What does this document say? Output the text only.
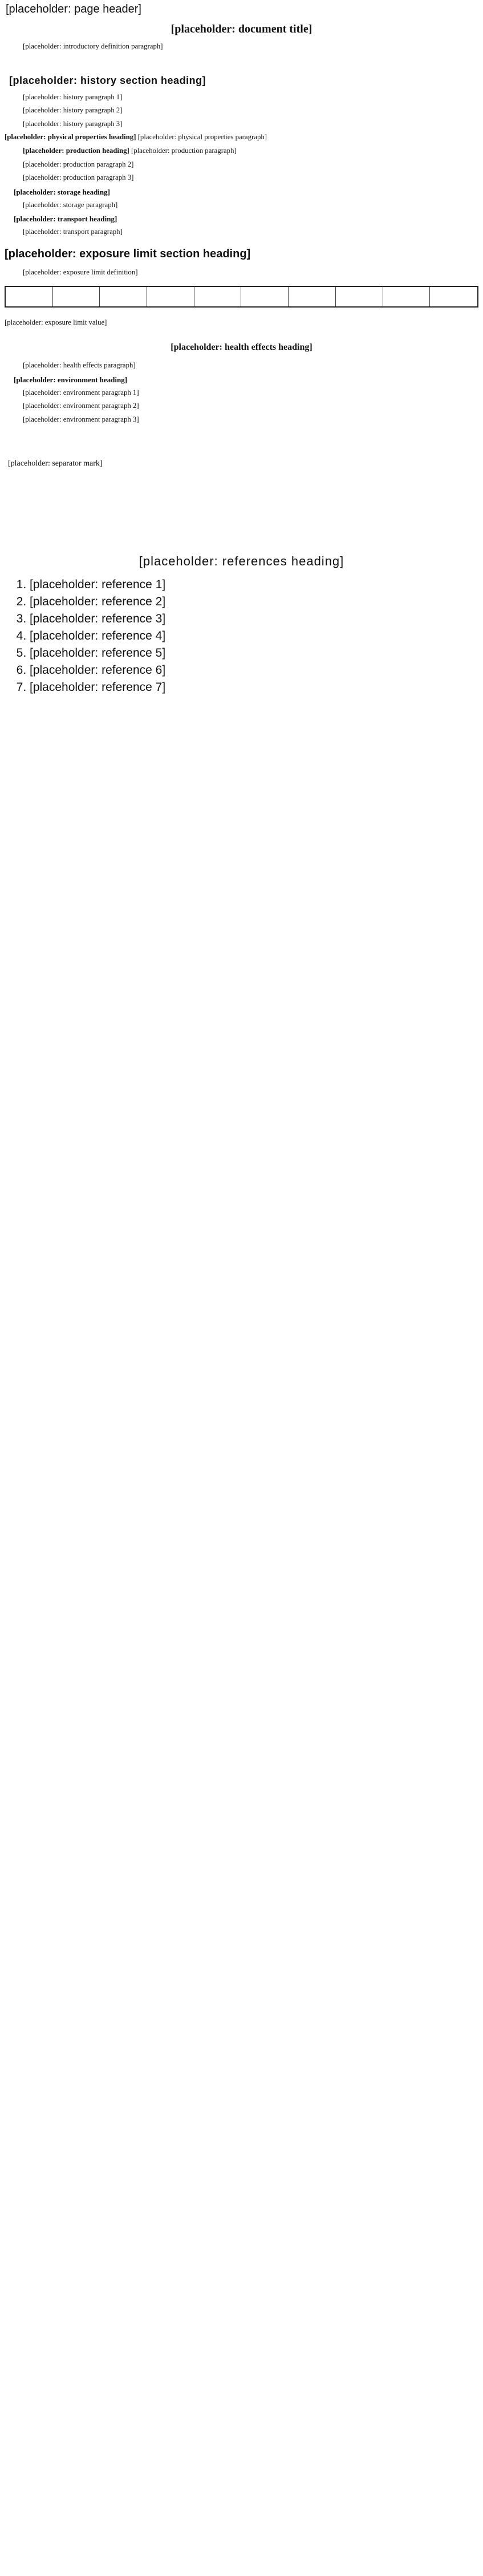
[placeholder: page header]
[placeholder: document title]
[placeholder: introductory definition paragraph]
[placeholder: history section heading]
[placeholder: history paragraph 1]
[placeholder: history paragraph 2]
[placeholder: history paragraph 3]
[placeholder: physical properties heading] [placeholder: physical properties paragraph]
[placeholder: production heading] [placeholder: production paragraph]
[placeholder: production paragraph 2]
[placeholder: production paragraph 3]
[placeholder: storage heading]
[placeholder: storage paragraph]
[placeholder: transport heading]
[placeholder: transport paragraph]
[placeholder: exposure limit section heading]
[placeholder: exposure limit definition]
[placeholder: exposure limit value]
[placeholder: health effects heading]
[placeholder: health effects paragraph]
[placeholder: environment heading]
[placeholder: environment paragraph 1]
[placeholder: environment paragraph 2]
[placeholder: environment paragraph 3]
[placeholder: separator mark]
[placeholder: references heading]
1. [placeholder: reference 1]
2. [placeholder: reference 2]
3. [placeholder: reference 3]
4. [placeholder: reference 4]
5. [placeholder: reference 5]
6. [placeholder: reference 6]
7. [placeholder: reference 7]
